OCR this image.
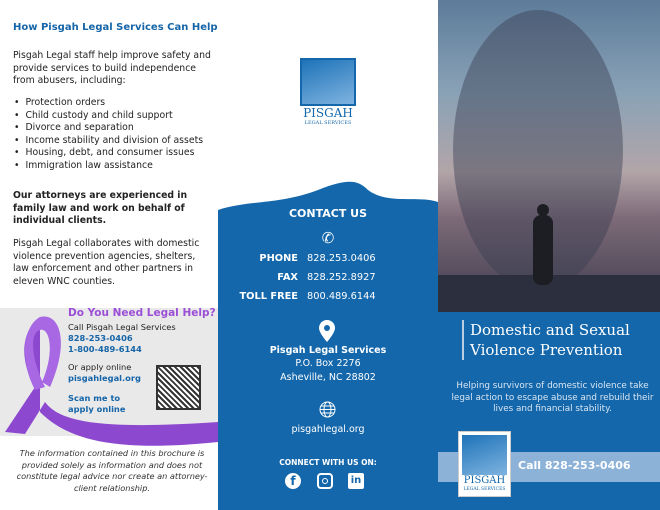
How Pisgah Legal Services Can Help

Pisgah Legal staff help improve safety and provide services to build independence from abusers, including:

• Protection orders
• Child custody and child support
• Divorce and separation
• Income stability and division of assets
• Housing, debt, and consumer issues
• Immigration law assistance

Our attorneys are experienced in family law and work on behalf of individual clients.

Pisgah Legal collaborates with domestic violence prevention agencies, shelters, law enforcement and other partners in eleven WNC counties.

Do You Need Legal Help?
Call Pisgah Legal Services
828-253-0406
1-800-489-6144
Or apply online
pisgahlegal.org
Scan me to apply online
The information contained in this brochure is provided solely as information and does not constitute legal advice nor create an attorney-client relationship.
PISGAH
LEGAL SERVICES
CONTACT US
✆
PHONE 828.253.0406
FAX 828.252.8927
TOLL FREE 800.489.6144
Pisgah Legal Services
P.O. Box 2276
Asheville, NC 28802
pisgahlegal.org
CONNECT WITH US ON:
f	in
Domestic and Sexual
Violence Prevention
Helping survivors of domestic violence take legal action to escape abuse and rebuild their lives and financial stability.
Call 828-253-0406
PISGAH
LEGAL SERVICES
